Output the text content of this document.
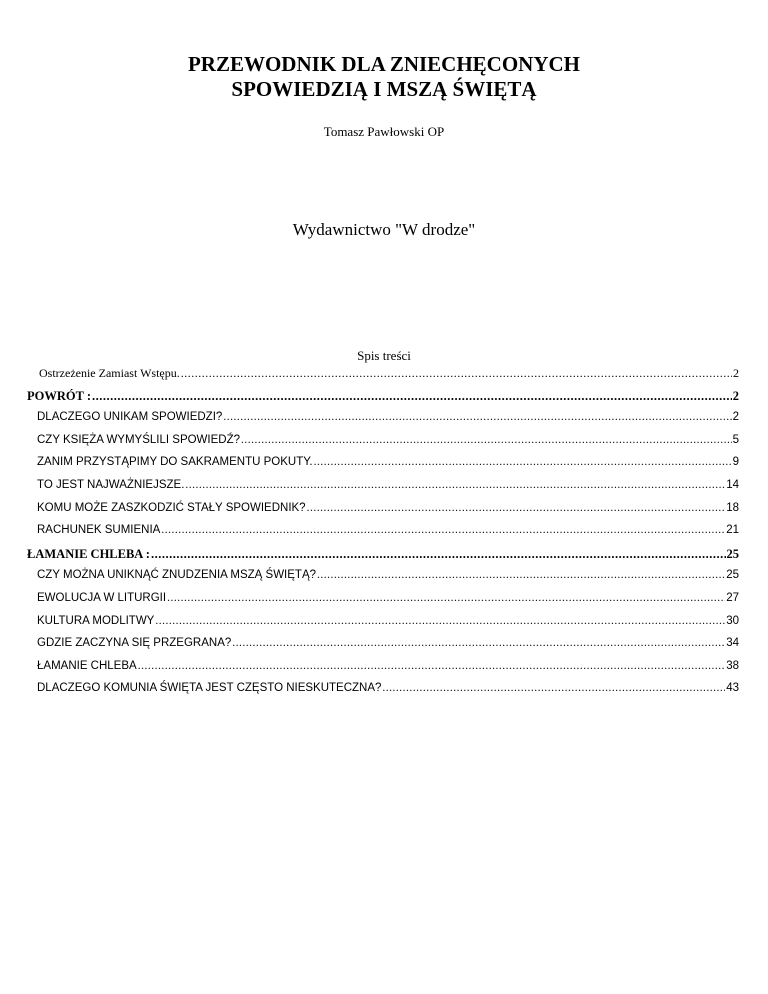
PRZEWODNIK DLA ZNIECHĘCONYCH
SPOWIEDZIĄ I MSZĄ ŚWIĘTĄ
Tomasz Pawłowski OP
Wydawnictwo "W drodze"
Spis treści
Ostrzeżenie Zamiast Wstępu. .....	2
POWRÓT : .....	2
DLACZEGO UNIKAM SPOWIEDZI? .....	2
CZY KSIĘŻA WYMYŚLILI SPOWIEDŹ? .....	5
ZANIM PRZYSTĄPIMY DO SAKRAMENTU POKUTY. .....	9
TO JEST NAJWAŻNIEJSZE. .....	14
KOMU MOŻE ZASZKODZIĆ STAŁY SPOWIEDNIK? .....	18
RACHUNEK SUMIENIA .....	21
ŁAMANIE CHLEBA : .....	25
CZY MOŻNA UNIKNĄĆ ZNUDZENIA MSZĄ ŚWIĘTĄ? .....	25
EWOLUCJA W LITURGII .....	27
KULTURA MODLITWY .....	30
GDZIE ZACZYNA SIĘ PRZEGRANA? .....	34
ŁAMANIE CHLEBA .....	38
DLACZEGO KOMUNIA ŚWIĘTA JEST CZĘSTO NIESKUTECZNA? .....	43
